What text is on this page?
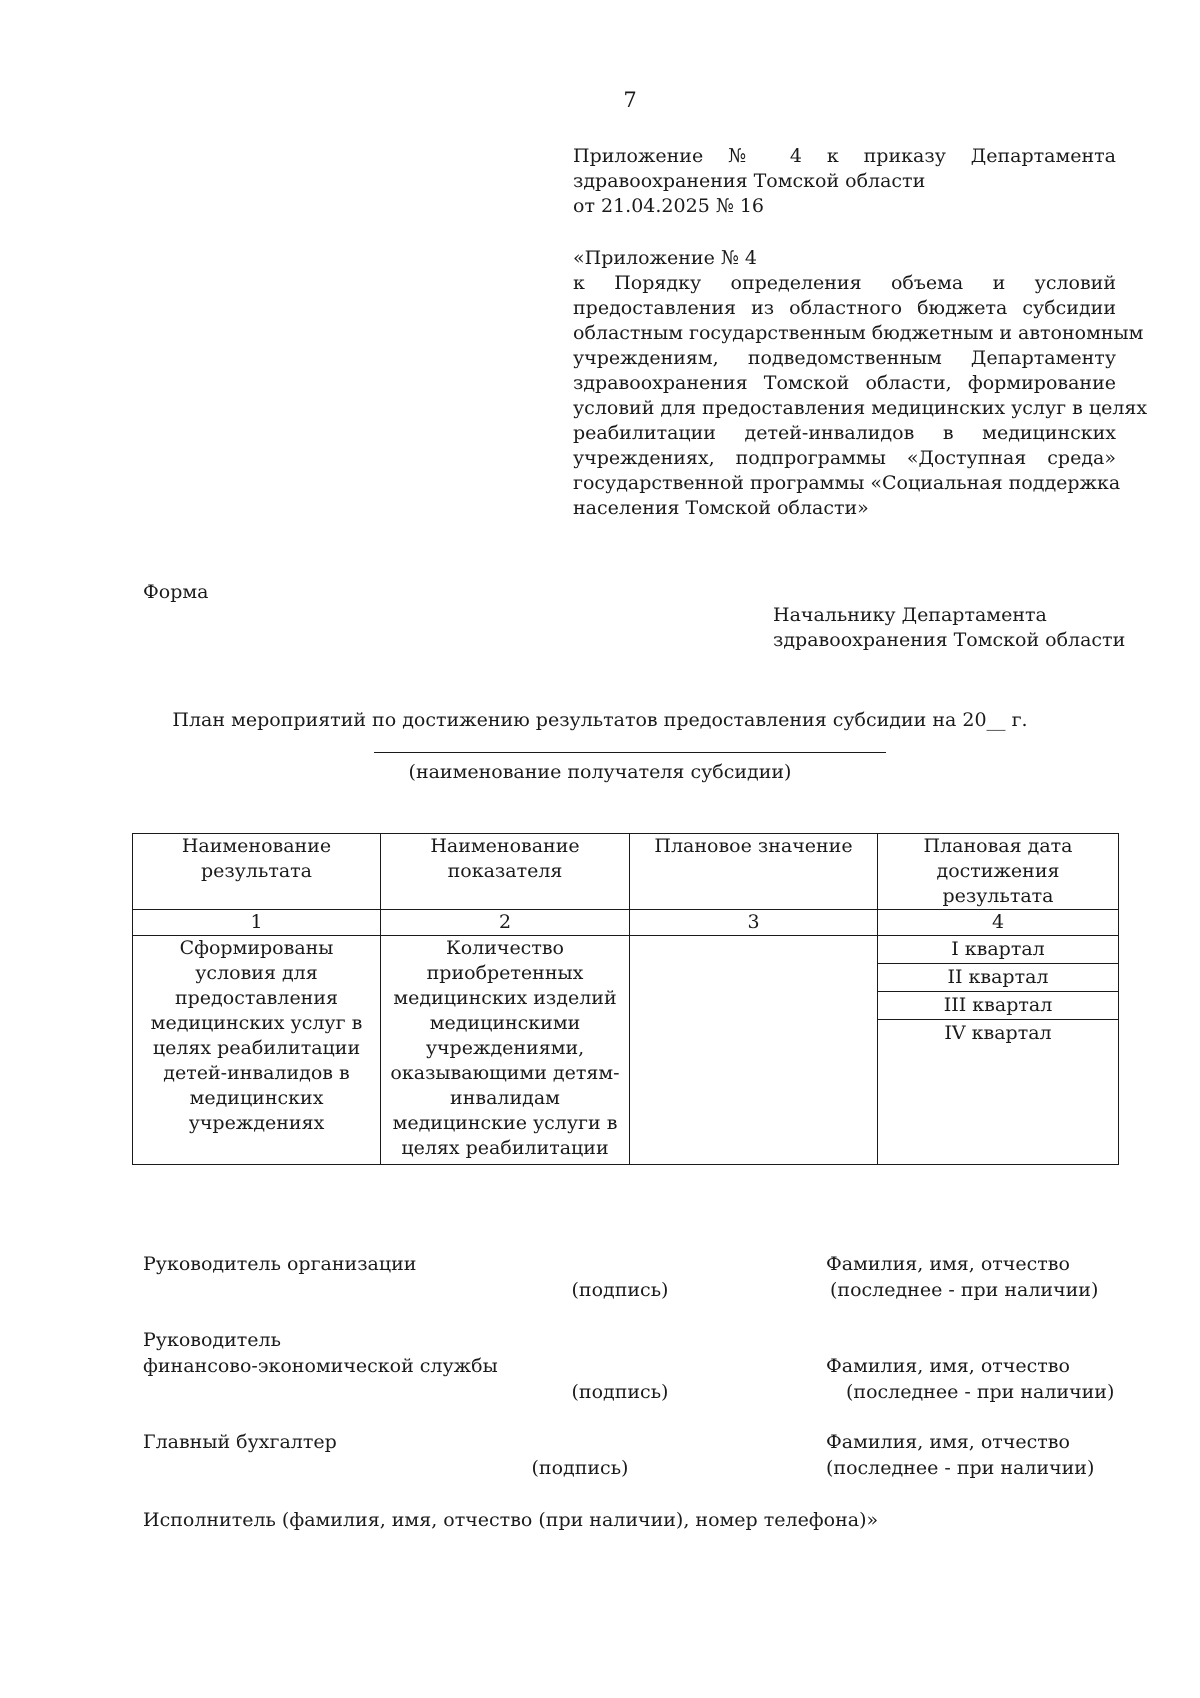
7
Приложение № 4 к приказу Департамента
здравоохранения Томской области
от 21.04.2025 № 16
«Приложение № 4
к Порядку определения объема и условий
предоставления из областного бюджета субсидии
областным государственным бюджетным и автономным
учреждениям, подведомственным Департаменту
здравоохранения Томской области, формирование
условий для предоставления медицинских услуг в целях
реабилитации детей-инвалидов в медицинских
учреждениях, подпрограммы «Доступная среда»
государственной программы «Социальная поддержка
населения Томской области»
Форма
Начальнику Департамента
здравоохранения Томской области
План мероприятий по достижению результатов предоставления субсидии на 20__ г.
(наименование получателя субсидии)
Наименование результата	Наименование показателя	Плановое значение	Плановая дата достижения результата
1	2	3	4
Сформированы условия для предоставления медицинских услуг в целях реабилитации детей-инвалидов в медицинских учреждениях	Количество приобретенных медицинских изделий медицинскими учреждениями, оказывающими детям-инвалидам медицинские услуги в целях реабилитации		I квартал
II квартал
III квартал
IV квартал
Руководитель организации
(подпись)
Фамилия, имя, отчество
(последнее - при наличии)
Руководитель
финансово-экономической службы
(подпись)
Фамилия, имя, отчество
(последнее - при наличии)
Главный бухгалтер
(подпись)
Фамилия, имя, отчество
(последнее - при наличии)
Исполнитель (фамилия, имя, отчество (при наличии), номер телефона)»
